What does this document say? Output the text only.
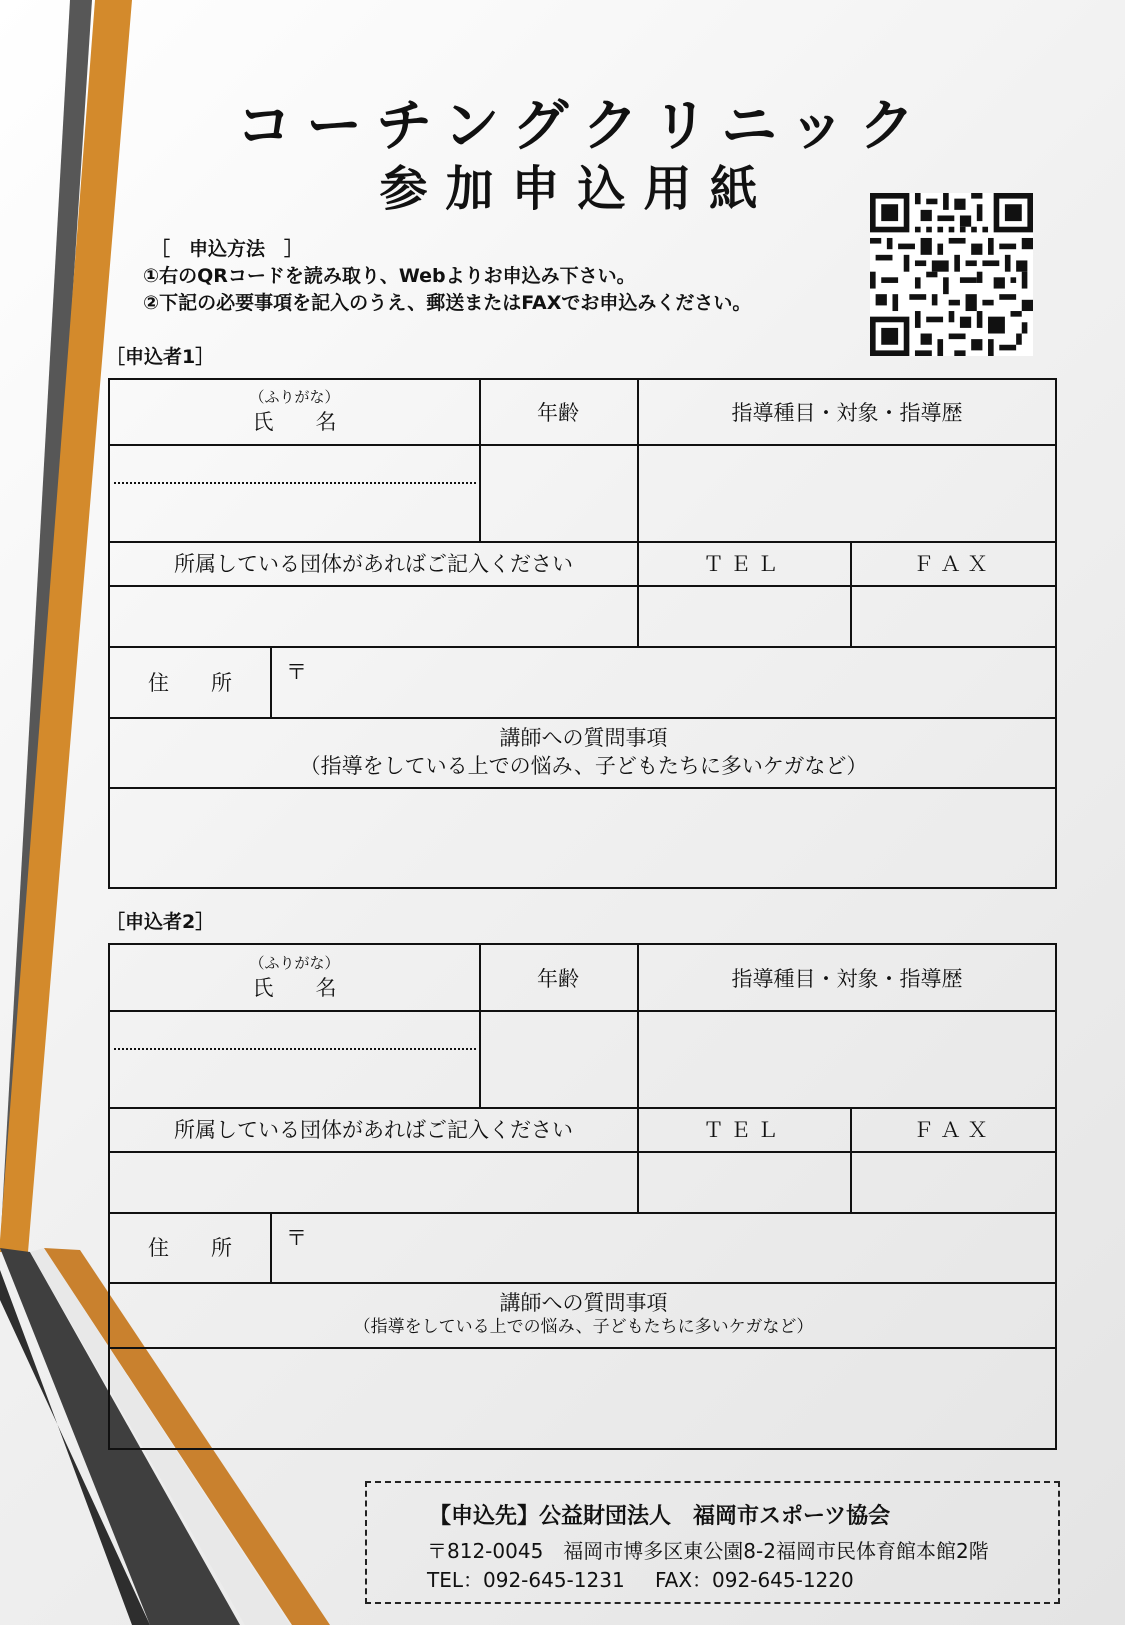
コーチングクリニック
参加申込用紙
［　申込方法　］
①右のQRコードを読み取り、Webよりお申込み下さい。
②下記の必要事項を記入のうえ、郵送またはFAXでお申込みください。
［申込者1］
（ふりがな）
氏　　名	年齢	指導種目・対象・指導歴
所属している団体があればご記入ください	ＴＥＬ	ＦＡＸ
住　　所	〒
講師への質問事項
（指導をしている上での悩み、子どもたちに多いケガなど）
［申込者2］
（ふりがな）
氏　　名	年齢	指導種目・対象・指導歴
所属している団体があればご記入ください	ＴＥＬ	ＦＡＸ
住　　所	〒
講師への質問事項
（指導をしている上での悩み、子どもたちに多いケガなど）
【申込先】公益財団法人　福岡市スポーツ協会
〒812-0045　福岡市博多区東公園8-2福岡市民体育館本館2階
TEL：092-645-1231 FAX：092-645-1220
